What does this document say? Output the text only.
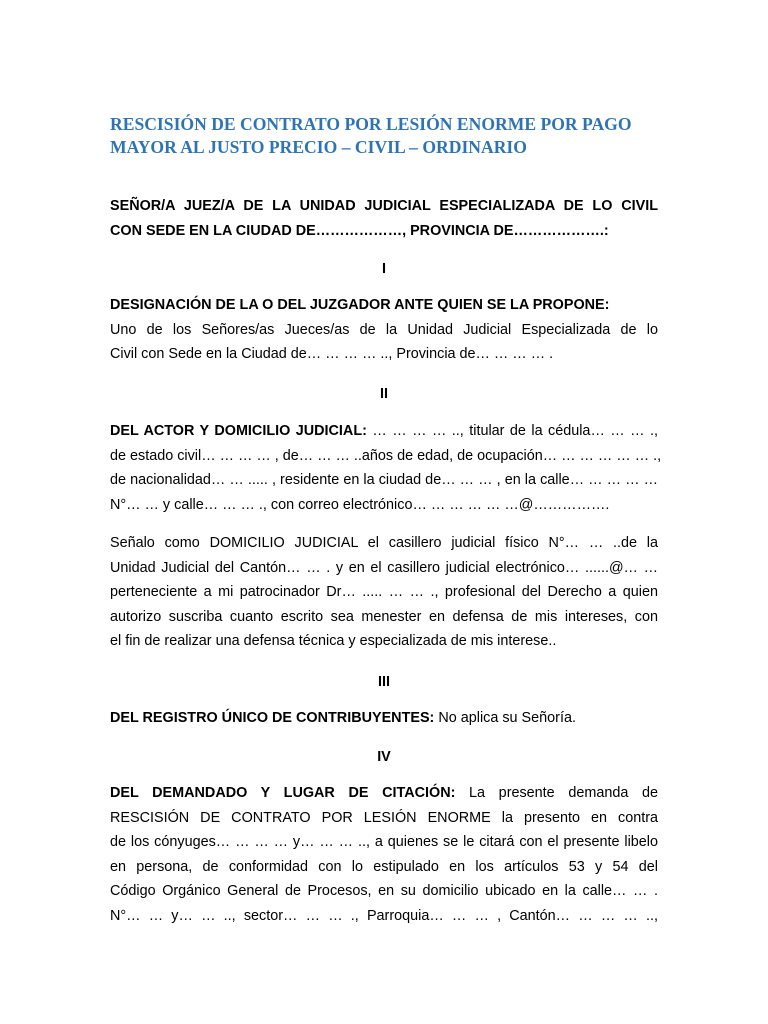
RESCISIÓN DE CONTRATO POR LESIÓN ENORME POR PAGO
MAYOR AL JUSTO PRECIO – CIVIL – ORDINARIO
SEÑOR/A JUEZ/A DE LA UNIDAD JUDICIAL ESPECIALIZADA DE LO CIVIL
CON SEDE EN LA CIUDAD DE………………, PROVINCIA DE……………….:
I
DESIGNACIÓN DE LA O DEL JUZGADOR ANTE QUIEN SE LA PROPONE:
Uno de los Señores/as Jueces/as de la Unidad Judicial Especializada de lo
Civil con Sede en la Ciudad de… … … … .., Provincia de… … … … .
II
DEL ACTOR Y DOMICILIO JUDICIAL: … … … … .., titular de la cédula… … … .,
de estado civil… … … … , de… … … ..años de edad, de ocupación… … … … … … .,
de nacionalidad… … ..... , residente en la ciudad de… … … , en la calle… … … … …
N°… … y calle… … … ., con correo electrónico… … … … … …@…………….
Señalo como DOMICILIO JUDICIAL el casillero judicial físico N°… … ..de la
Unidad Judicial del Cantón… … . y en el casillero judicial electrónico… ......@… …
perteneciente a mi patrocinador Dr… ..... … … ., profesional del Derecho a quien
autorizo suscriba cuanto escrito sea menester en defensa de mis intereses, con
el fin de realizar una defensa técnica y especializada de mis interese..
III
DEL REGISTRO ÚNICO DE CONTRIBUYENTES: No aplica su Señoría.
IV
DEL DEMANDADO Y LUGAR DE CITACIÓN: La presente demanda de
RESCISIÓN DE CONTRATO POR LESIÓN ENORME la presento en contra
de los cónyuges… … … … y… … … .., a quienes se le citará con el presente libelo
en persona, de conformidad con lo estipulado en los artículos 53 y 54 del
Código Orgánico General de Procesos, en su domicilio ubicado en la calle… … .
N°… … y… … .., sector… … … ., Parroquia… … … , Cantón… … … … ..,
